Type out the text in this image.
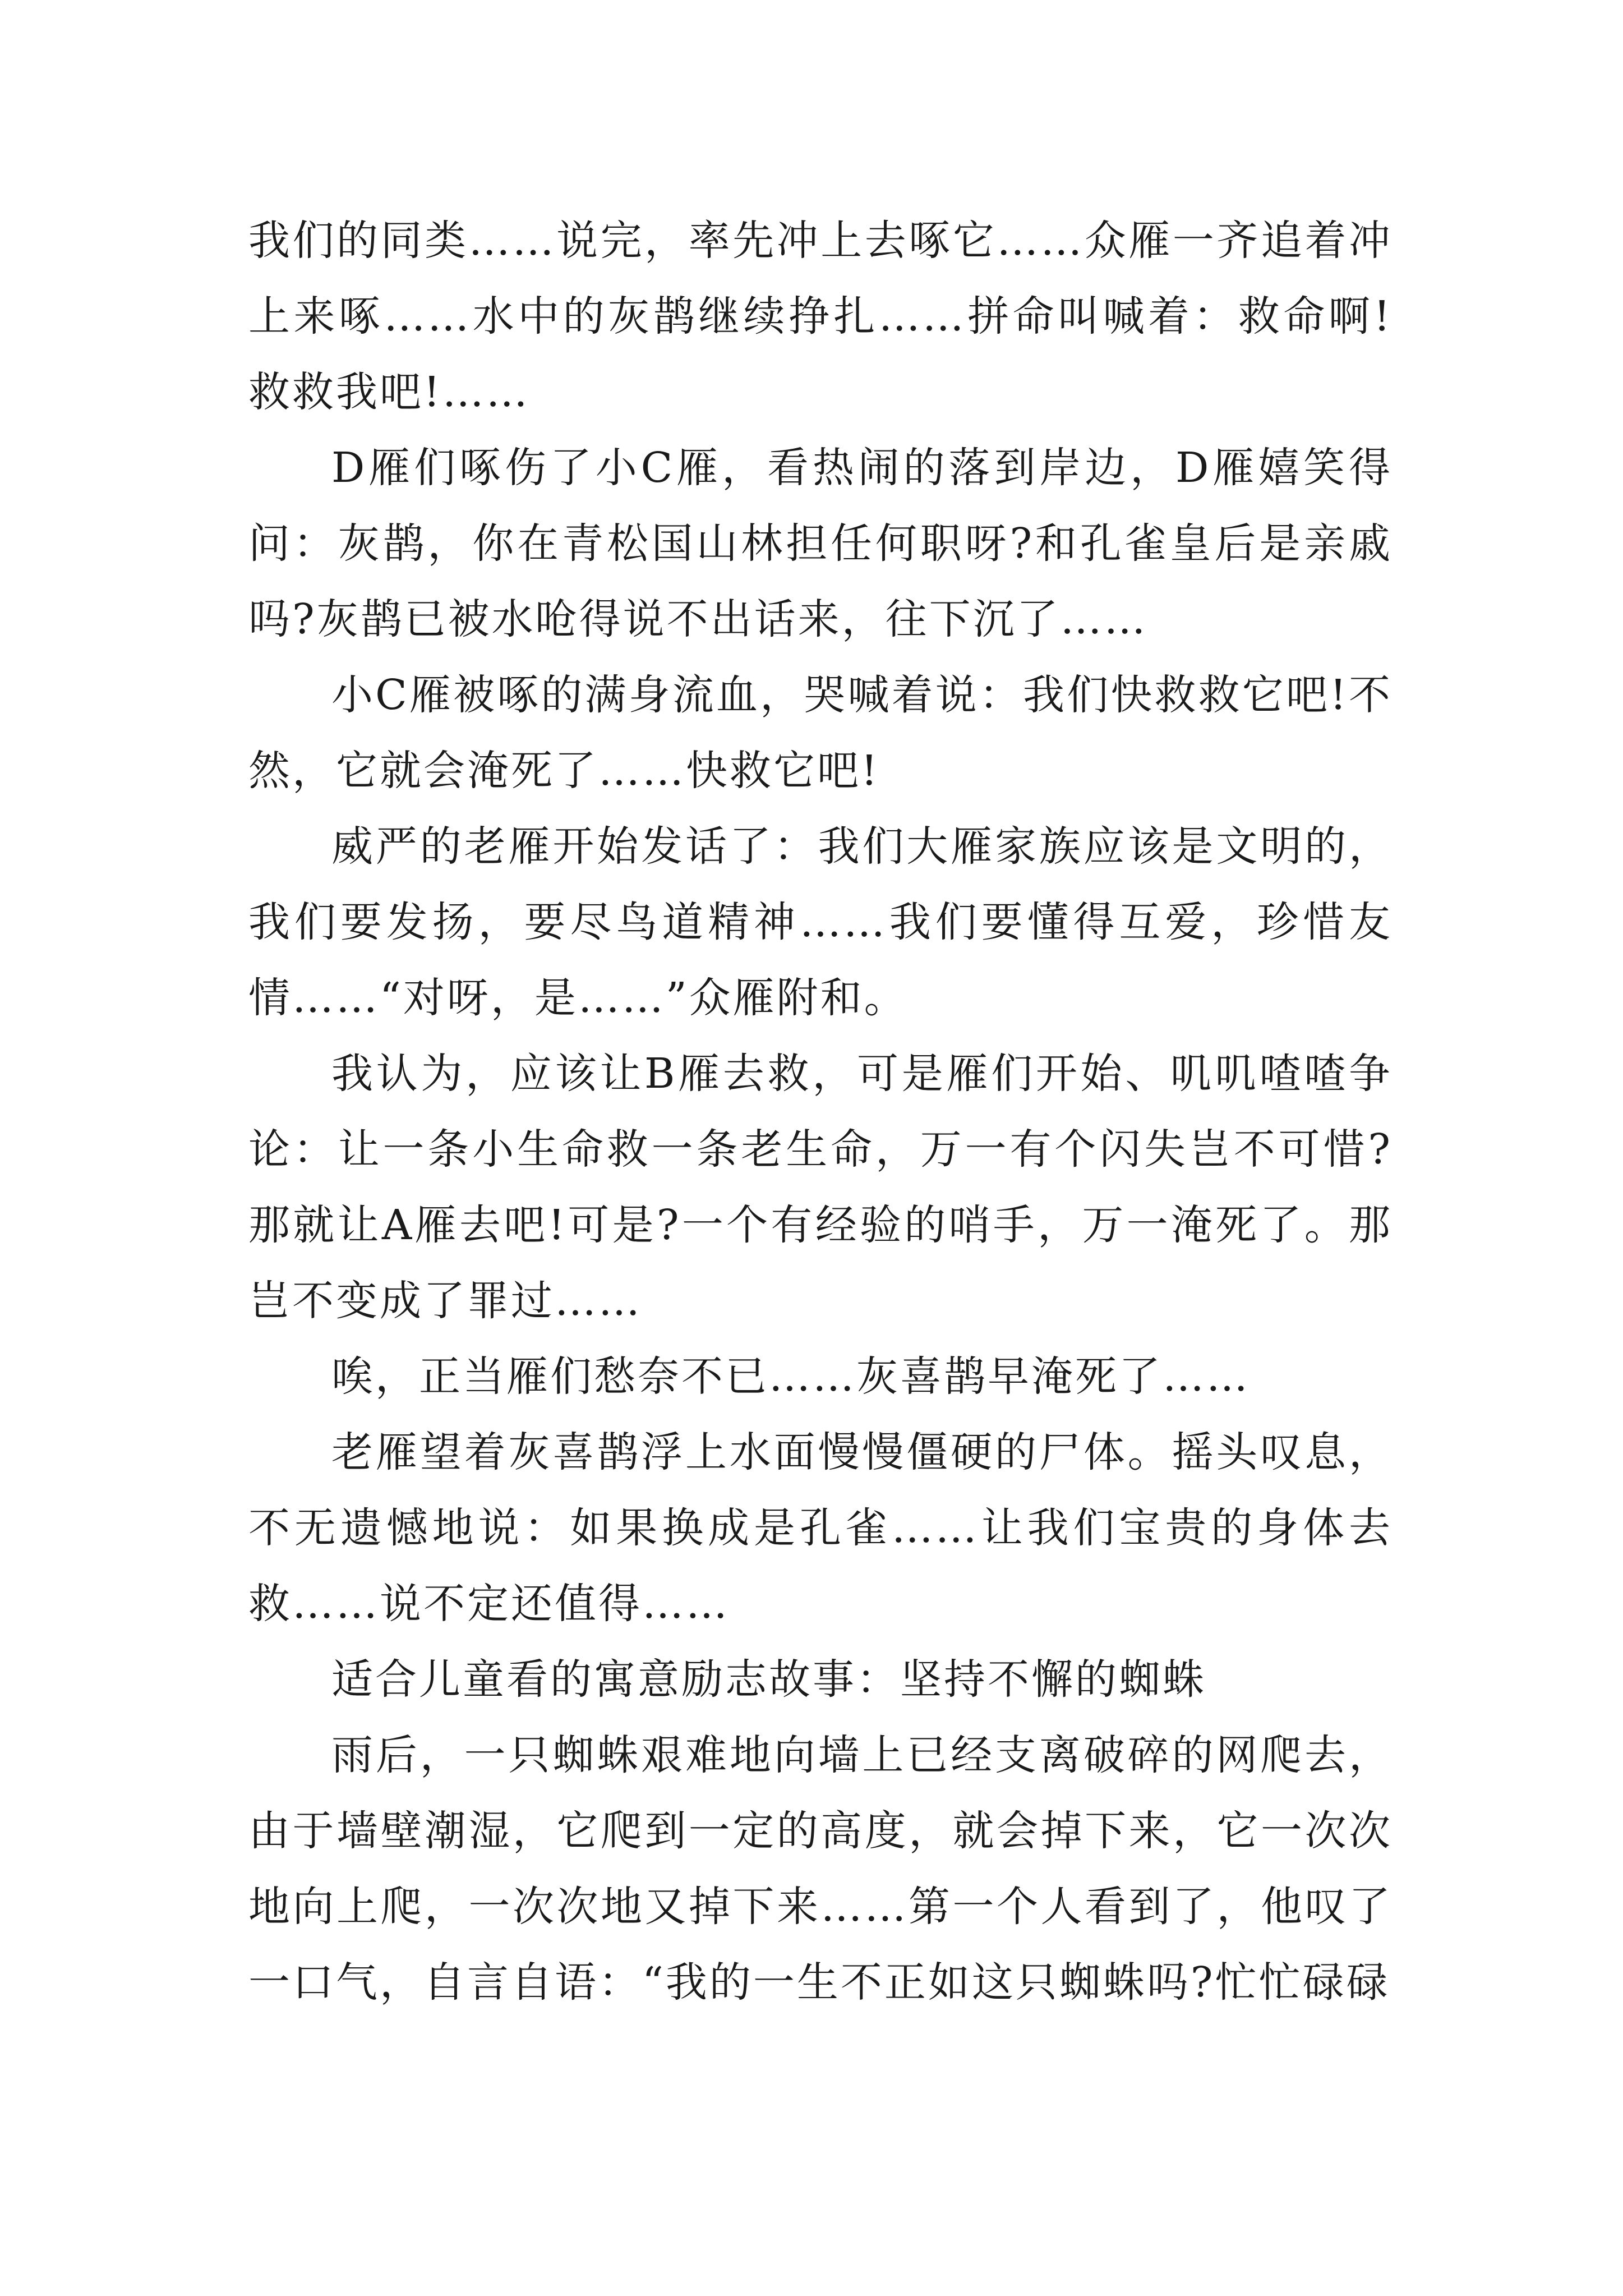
我们的同类……说完，率先冲上去啄它……众雁一齐追着冲上来啄……水中的灰鹊继续挣扎……拼命叫喊着：救命啊!救救我吧!……

D雁们啄伤了小C雁，看热闹的落到岸边，D雁嬉笑得问：灰鹊，你在青松国山林担任何职呀?和孔雀皇后是亲戚吗?灰鹊已被水呛得说不出话来，往下沉了……

小C雁被啄的满身流血，哭喊着说：我们快救救它吧!不然，它就会淹死了……快救它吧!

威严的老雁开始发话了：我们大雁家族应该是文明的，我们要发扬，要尽鸟道精神……我们要懂得互爱，珍惜友情……“对呀，是……”众雁附和。

我认为，应该让B雁去救，可是雁们开始、叽叽喳喳争论：让一条小生命救一条老生命，万一有个闪失岂不可惜?那就让A雁去吧!可是?一个有经验的哨手，万一淹死了。那岂不变成了罪过……

唉，正当雁们愁奈不已……灰喜鹊早淹死了……

老雁望着灰喜鹊浮上水面慢慢僵硬的尸体。摇头叹息，不无遗憾地说：如果换成是孔雀……让我们宝贵的身体去救……说不定还值得……

适合儿童看的寓意励志故事：坚持不懈的蜘蛛

雨后，一只蜘蛛艰难地向墙上已经支离破碎的网爬去，由于墙壁潮湿，它爬到一定的高度，就会掉下来，它一次次地向上爬，一次次地又掉下来……第一个人看到了，他叹了一口气，自言自语：“我的一生不正如这只蜘蛛吗?忙忙碌碌
